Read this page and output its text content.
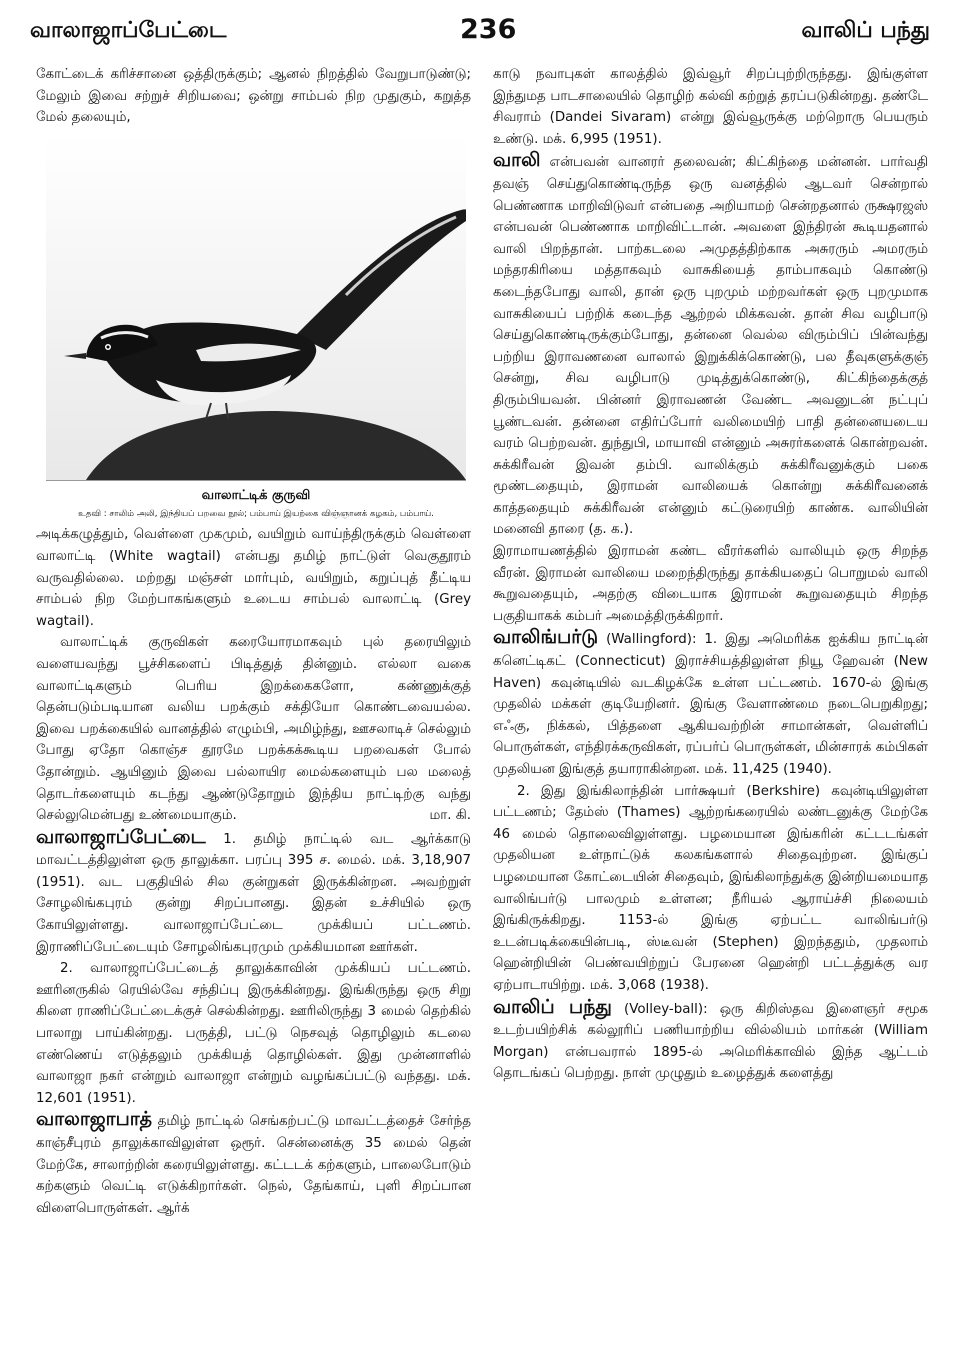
வாலாஜாப்பேட்டை	236	வாலிப் பந்து

கோட்டைக் கரிச்சானை ஒத்திருக்கும்; ஆனல் நிறத்தில் வேறுபாடுண்டு; மேலும் இவை சற்றுச் சிறியவை; ஒன்று சாம்பல் நிற முதுகும், கறுத்த மேல் தலையும்,

வாலாட்டிக் குருவி
உதவி : சாலிம் அலி, இந்தியப் பறவை நூல்; பம்பாய் இயற்கை விஞ்ஞானக் கழகம், பம்பாய்.

அடிக்கழுத்தும், வெள்ளை முகமும், வயிறும் வாய்ந்திருக்கும் வெள்ளை வாலாட்டி (White wagtail) என்பது தமிழ் நாட்டுள் வெகுதூரம் வருவதில்லை. மற்றது மஞ்சள் மார்பும், வயிறும், கறுப்புத் தீட்டிய சாம்பல் நிற மேற்பாகங்களும் உடைய சாம்பல் வாலாட்டி (Grey wagtail).

வாலாட்டிக் குருவிகள் கரையோரமாகவும் புல் தரையிலும் வளையவந்து பூச்சிகளைப் பிடித்துத் தின்னும். எல்லா வகை வாலாட்டிகளும் பெரிய இறக்கைகளோ, கண்ணுக்குத் தென்படும்படியான வலிய பறக்கும் சக்தியோ கொண்டவையல்ல. இவை பறக்கையில் வானத்தில் எழும்பி, அமிழ்ந்து, ஊசலாடிச் செல்லும் போது ஏதோ கொஞ்ச தூரமே பறக்கக்கூடிய பறவைகள் போல் தோன்றும். ஆயினும் இவை பல்லாயிர மைல்களையும் பல மலைத் தொடர்களையும் கடந்து ஆண்டுதோறும் இந்திய நாட்டிற்கு வந்து செல்லுமென்பது உண்மையாகும்.	மா. கி.

வாலாஜாப்பேட்டை 1. தமிழ் நாட்டில் வட ஆர்க்காடு மாவட்டத்திலுள்ள ஒரு தாலுக்கா. பரப்பு 395 ச. மைல். மக். 3,18,907 (1951). வட பகுதியில் சில குன்றுகள் இருக்கின்றன. அவற்றுள் சோழலிங்கபுரம் குன்று சிறப்பானது. இதன் உச்சியில் ஒரு கோயிலுள்ளது. வாலாஜாப்பேட்டை முக்கியப் பட்டணம். இராணிப்பேட்டையும் சோழலிங்கபுரமும் முக்கியமான ஊர்கள்.

2. வாலாஜாப்பேட்டைத் தாலுக்காவின் முக்கியப் பட்டணம். ஊரினருகில் ரெயில்வே சந்திப்பு இருக்கின்றது. இங்கிருந்து ஒரு சிறு கிளை ராணிப்பேட்டைக்குச் செல்கின்றது. ஊரிலிருந்து 3 மைல் தெற்கில் பாலாறு பாய்கின்றது. பருத்தி, பட்டு நெசவுத் தொழிலும் கடலை எண்ணெய் எடுத்தலும் முக்கியத் தொழில்கள். இது முன்னாளில் வாலாஜா நகர் என்றும் வாலாஜா என்றும் வழங்கப்பட்டு வந்தது. மக். 12,601 (1951).

வாலாஜாபாத் தமிழ் நாட்டில் செங்கற்பட்டு மாவட்டத்தைச் சேர்ந்த காஞ்சீபுரம் தாலுக்காவிலுள்ள ஒரூர். சென்னைக்கு 35 மைல் தென் மேற்கே, சாலாற்றின் கரையிலுள்ளது. கட்டடக் கற்களும், பாலைபோடும் கற்களும் வெட்டி எடுக்கிறார்கள். நெல், தேங்காய், புளி சிறப்பான விளைபொருள்கள். ஆர்க்

காடு நவாபுகள் காலத்தில் இவ்வூர் சிறப்புற்றிருந்தது. இங்குள்ள இந்துமத பாடசாலையில் தொழிற் கல்வி கற்றுத் தரப்படுகின்றது. தண்டே சிவராம் (Dandei Sivaram) என்று இவ்வூருக்கு மற்றொரு பெயரும் உண்டு. மக். 6,995 (1951).

வாலி என்பவன் வானரர் தலைவன்; கிட்கிந்தை மன்னன். பார்வதி தவஞ் செய்துகொண்டிருந்த ஒரு வனத்தில் ஆடவர் சென்றால் பெண்ணாக மாறிவிடுவர் என்பதை அறியாமற் சென்றதனால் ருக்ஷரஜஸ் என்பவன் பெண்ணாக மாறிவிட்டான். அவளை இந்திரன் கூடியதனால் வாலி பிறந்தான். பாற்கடலை அமுதத்திற்காக அசுரரும் அமரரும் மந்தரகிரியை மத்தாகவும் வாசுகியைத் தாம்பாகவும் கொண்டு கடைந்தபோது வாலி, தான் ஒரு புறமும் மற்றவர்கள் ஒரு புறமுமாக வாசுகியைப் பற்றிக் கடைந்த ஆற்றல் மிக்கவன். தான் சிவ வழிபாடு செய்துகொண்டிருக்கும்போது, தன்னை வெல்ல விரும்பிப் பின்வந்து பற்றிய இராவணனை வாலால் இறுக்கிக்கொண்டு, பல தீவுகளுக்குஞ் சென்று, சிவ வழிபாடு முடித்துக்கொண்டு, கிட்கிந்தைக்குத் திரும்பியவன். பின்னர் இராவணன் வேண்ட அவனுடன் நட்புப் பூண்டவன். தன்னை எதிர்ப்போர் வலிமையிற் பாதி தன்னையடைய வரம் பெற்றவன். துந்துபி, மாயாவி என்னும் அசுரர்களைக் கொன்றவன். சுக்கிரீவன் இவன் தம்பி. வாலிக்கும் சுக்கிரீவனுக்கும் பகை மூண்டதையும், இராமன் வாலியைக் கொன்று சுக்கிரீவனைக் காத்ததையும் சுக்கிரீவன் என்னும் கட்டுரையிற் காண்க. வாலியின் மனைவி தாரை (த. க.).

இராமாயணத்தில் இராமன் கண்ட வீரர்களில் வாலியும் ஒரு சிறந்த வீரன். இராமன் வாலியை மறைந்திருந்து தாக்கியதைப் பொறுமல் வாலி கூறுவதையும், அதற்கு விடையாக இராமன் கூறுவதையும் சிறந்த பகுதியாகக் கம்பர் அமைத்திருக்கிறார்.

வாலிங்பர்டு (Wallingford): 1. இது அமெரிக்க ஐக்கிய நாட்டின் கனெட்டிகட் (Connecticut) இராச்சியத்திலுள்ள நியூ ஹேவன் (New Haven) கவுன்டியில் வடகிழக்கே உள்ள பட்டணம். 1670-ல் இங்கு முதலில் மக்கள் குடியேறினர். இங்கு வேளாண்மை நடைபெறுகிறது; எஃகு, நிக்கல், பித்தளை ஆகியவற்றின் சாமான்கள், வெள்ளிப் பொருள்கள், எந்திரக்கருவிகள், ரப்பர்ப் பொருள்கள், மின்சாரக் கம்பிகள் முதலியன இங்குத் தயாராகின்றன. மக். 11,425 (1940).

2. இது இங்கிலாந்தின் பார்க்ஷயர் (Berkshire) கவுன்டியிலுள்ள பட்டணம்; தேம்ஸ் (Thames) ஆற்றங்கரையில் லண்டனுக்கு மேற்கே 46 மைல் தொலைவிலுள்ளது. பழமையான இங்கரின் கட்டடங்கள் முதலியன உள்நாட்டுக் கலகங்களால் சிதைவுற்றன. இங்குப் பழமையான கோட்டையின் சிதைவும், இங்கிலாந்துக்கு இன்றியமையாத வாலிங்பர்டு பாலமும் உள்ளன; நீரியல் ஆராய்ச்சி நிலையம் இங்கிருக்கிறது. 1153-ல் இங்கு ஏற்பட்ட வாலிங்பர்டு உடன்படிக்கையின்படி, ஸ்டீவன் (Stephen) இறந்ததும், முதலாம் ஹென்றியின் பெண்வயிற்றுப் பேரனை ஹென்றி பட்டத்துக்கு வர ஏற்பாடாயிற்று. மக். 3,068 (1938).

வாலிப் பந்து (Volley-ball): ஒரு கிறிஸ்தவ இளைஞர் சமூக உடற்பயிற்சிக் கல்லூரிப் பணியாற்றிய வில்லியம் மார்கன் (William Morgan) என்பவரால் 1895-ல் அமெரிக்காவில் இந்த ஆட்டம் தொடங்கப் பெற்றது. நாள் முழுதும் உழைத்துக் களைத்து
